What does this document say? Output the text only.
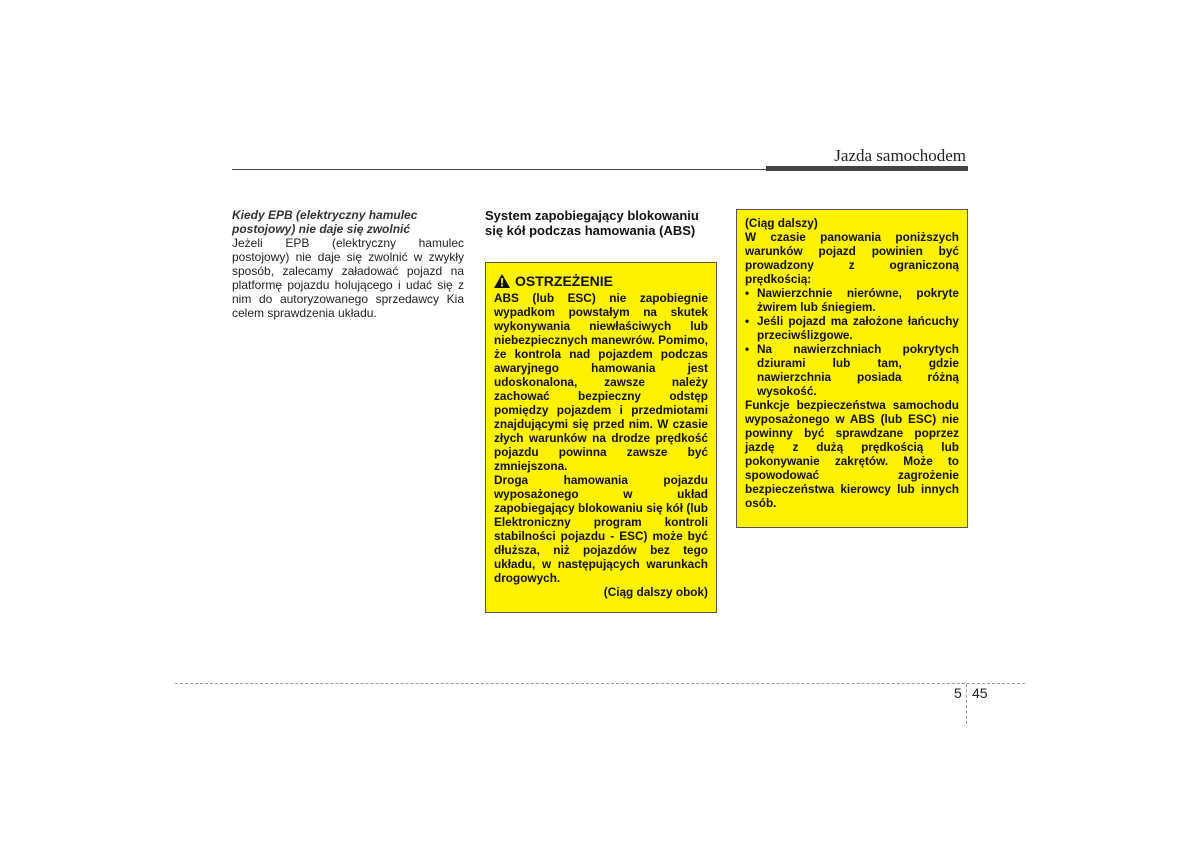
Jazda samochodem
Kiedy EPB (elektryczny hamulec postojowy) nie daje się zwolnić
Jeżeli EPB (elektryczny hamulec postojowy) nie daje się zwolnić w zwykły sposób, zalecamy załadować pojazd na platformę pojazdu holującego i udać się z nim do autoryzowanego sprzedawcy Kia celem sprawdzenia układu.
System zapobiegający blokowaniu się kół podczas hamowania (ABS)
OSTRZEŻENIE
ABS (lub ESC) nie zapobiegnie wypadkom powstałym na skutek wykonywania niewłaściwych lub niebezpiecznych manewrów. Pomimo, że kontrola nad pojazdem podczas awaryjnego hamowania jest udoskonalona, zawsze należy zachować bezpieczny odstęp pomiędzy pojazdem i przedmiotami znajdującymi się przed nim. W czasie złych warunków na drodze prędkość pojazdu powinna zawsze być zmniejszona.
Droga hamowania pojazdu wyposażonego w układ zapobiegający blokowaniu się kół (lub Elektroniczny program kontroli stabilności pojazdu - ESC) może być dłuższa, niż pojazdów bez tego układu, w następujących warunkach drogowych.
(Ciąg dalszy obok)
(Ciąg dalszy)
W czasie panowania poniższych warunków pojazd powinien być prowadzony z ograniczoną prędkością:
• Nawierzchnie nierówne, pokryte żwirem lub śniegiem.
• Jeśli pojazd ma założone łańcuchy przeciwślizgowe.
• Na nawierzchniach pokrytych dziurami lub tam, gdzie nawierzchnia posiada różną wysokość.
Funkcje bezpieczeństwa samochodu wyposażonego w ABS (lub ESC) nie powinny być sprawdzane poprzez jazdę z dużą prędkością lub pokonywanie zakrętów. Może to spowodować zagrożenie bezpieczeństwa kierowcy lub innych osób.
5 45
